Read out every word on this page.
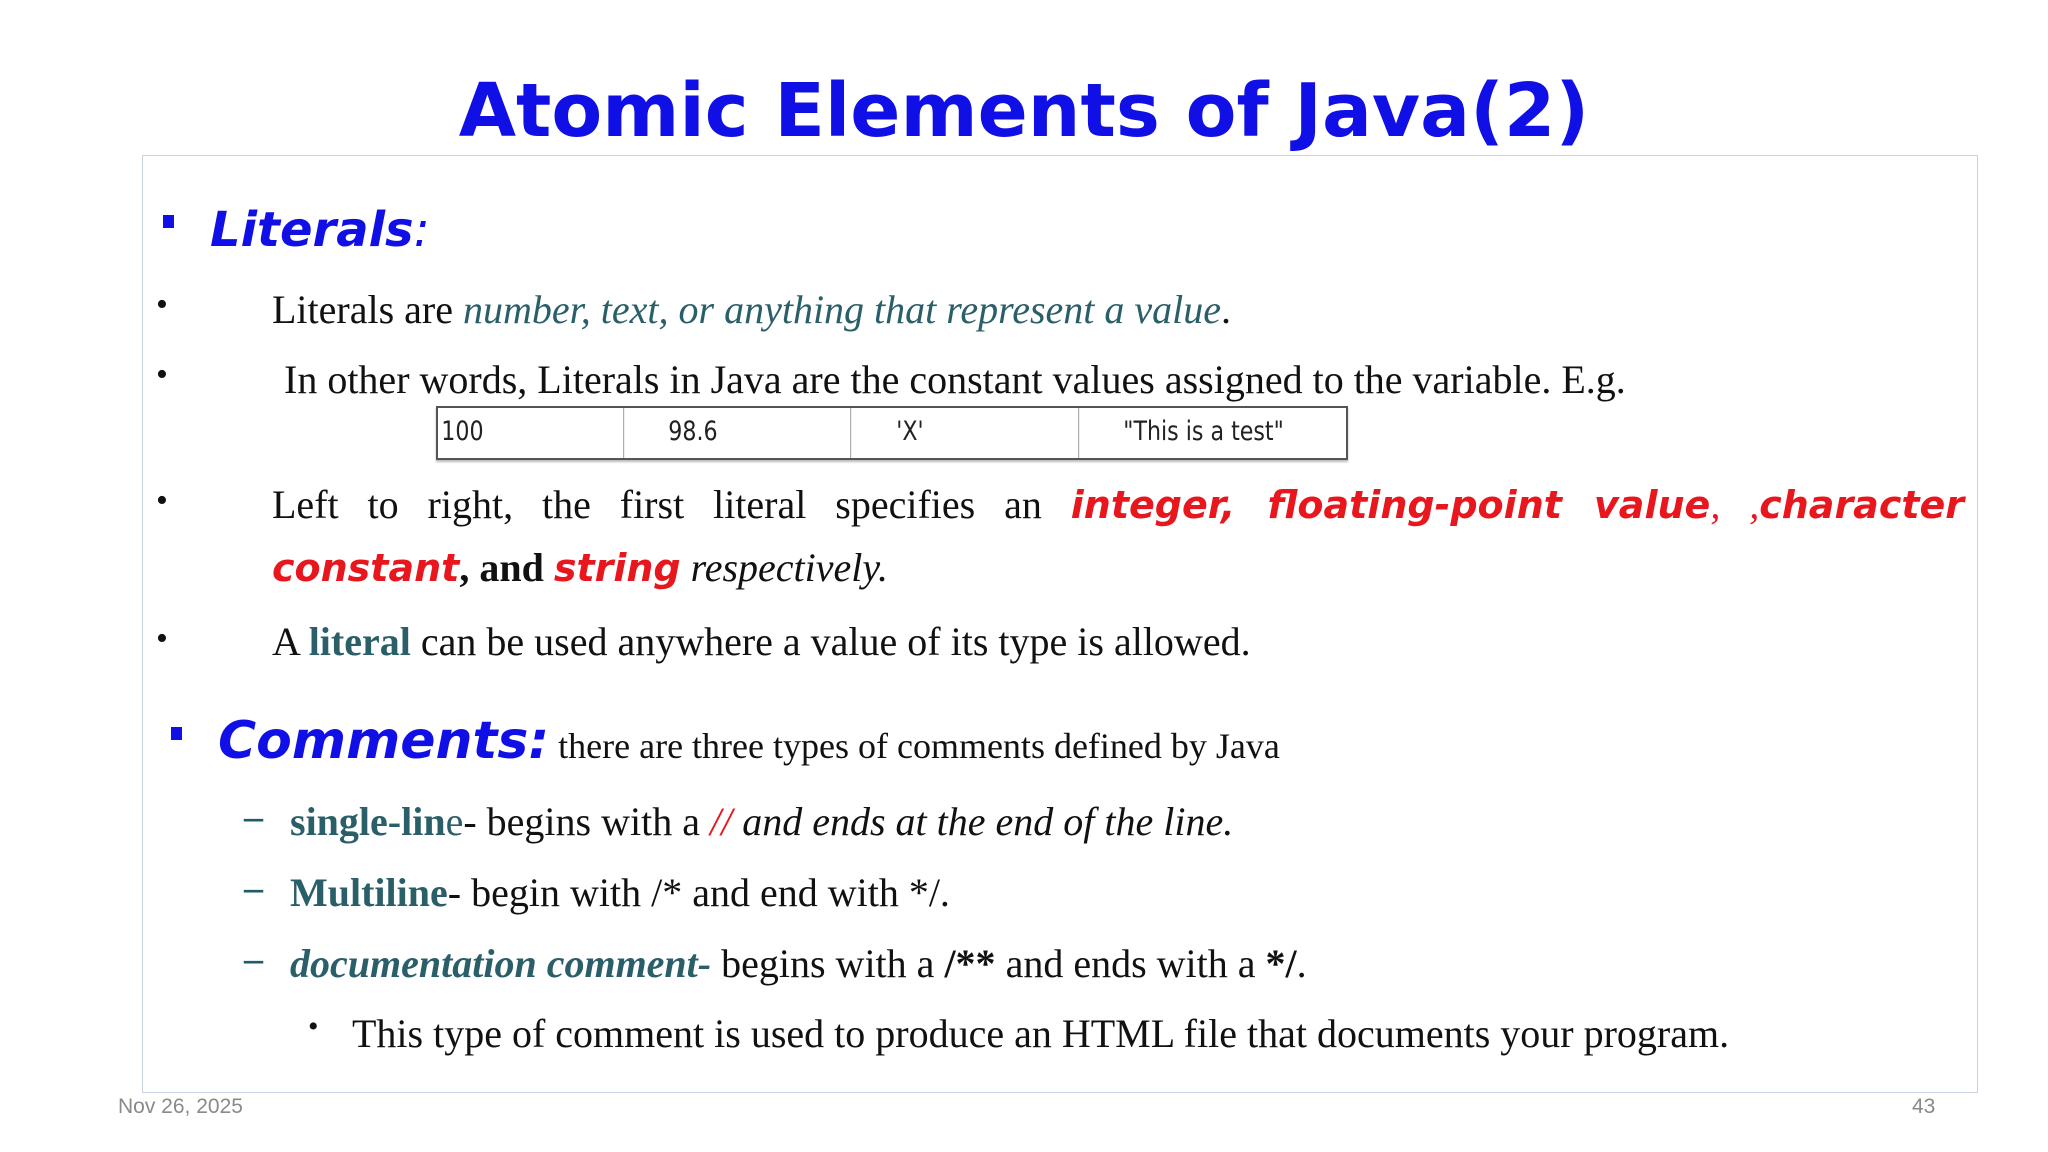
Atomic Elements of Java(2)
Literals:
•	Literals are number, text, or anything that represent a value.
•	In other words, Literals in Java are the constant values assigned to the variable. E.g.
100	98.6	'X'	"This is a test"
•	Left to right, the first literal specifies an integer, floating-point value, ,character
constant, and string respectively.
•	A literal can be used anywhere a value of its type is allowed.
Comments: there are three types of comments defined by Java
– single-line- begins with a // and ends at the end of the line.
– Multiline- begin with /* and end with */.
– documentation comment- begins with a /** and ends with a */.
• This type of comment is used to produce an HTML file that documents your program.
Nov 26, 2025	43
